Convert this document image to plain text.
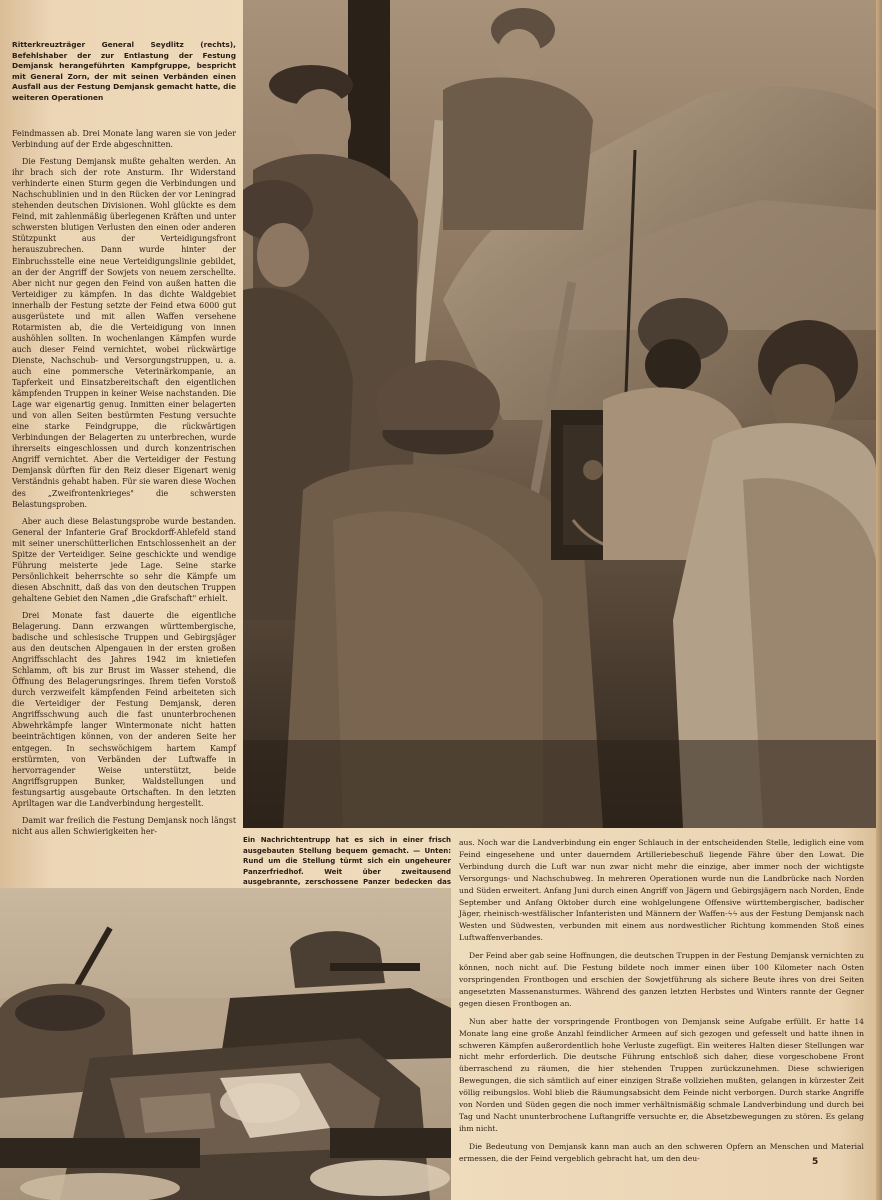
Ritterkreuzträger General Seydlitz (rechts), Befehlshaber der zur Entlastung der Festung Demjansk herangeführten Kampfgruppe, bespricht mit General Zorn, der mit seinen Verbänden einen Ausfall aus der Festung Demjansk gemacht hatte, die weiteren Operationen

Feindmassen ab. Drei Monate lang waren sie von jeder Verbindung auf der Erde abgeschnitten.

Die Festung Demjansk mußte gehalten werden. An ihr brach sich der rote Ansturm. Ihr Widerstand verhinderte einen Sturm gegen die Verbindungen und Nachschublinien und in den Rücken der vor Leningrad stehenden deutschen Divisionen. Wohl glückte es dem Feind, mit zahlenmäßig überlegenen Kräften und unter schwersten blutigen Verlusten den einen oder anderen Stützpunkt aus der Verteidigungsfront herauszubrechen. Dann wurde hinter der Einbruchsstelle eine neue Verteidigungslinie gebildet, an der der Angriff der Sowjets von neuem zerschellte. Aber nicht nur gegen den Feind von außen hatten die Verteidiger zu kämpfen. In das dichte Waldgebiet innerhalb der Festung setzte der Feind etwa 6000 gut ausgerüstete und mit allen Waffen versehene Rotarmisten ab, die die Verteidigung von innen aushöhlen sollten. In wochenlangen Kämpfen wurde auch dieser Feind vernichtet, wobei rückwärtige Dienste, Nachschub- und Versorgungstruppen, u. a. auch eine pommersche Veterinärkompanie, an Tapferkeit und Einsatzbereitschaft den eigentlichen kämpfenden Truppen in keiner Weise nachstanden. Die Lage war eigenartig genug. Inmitten einer belagerten und von allen Seiten bestürmten Festung versuchte eine starke Feindgruppe, die rückwärtigen Verbindungen der Belagerten zu unterbrechen, wurde ihrerseits eingeschlossen und durch konzentrischen Angriff vernichtet. Aber die Verteidiger der Festung Demjansk dürften für den Reiz dieser Eigenart wenig Verständnis gehabt haben. Für sie waren diese Wochen des „Zweifrontenkrieges" die schwersten Belastungsproben.

Aber auch diese Belastungsprobe wurde bestanden. General der Infanterie Graf Brockdorff-Ahlefeld stand mit seiner unerschütterlichen Entschlossenheit an der Spitze der Verteidiger. Seine geschickte und wendige Führung meisterte jede Lage. Seine starke Persönlichkeit beherrschte so sehr die Kämpfe um diesen Abschnitt, daß das von den deutschen Truppen gehaltene Gebiet den Namen „die Grafschaft" erhielt.

Drei Monate fast dauerte die eigentliche Belagerung. Dann erzwangen württembergische, badische und schlesische Truppen und Gebirgsjäger aus den deutschen Alpengauen in der ersten großen Angriffsschlacht des Jahres 1942 im knietiefen Schlamm, oft bis zur Brust im Wasser stehend, die Öffnung des Belagerungsringes. Ihrem tiefen Vorstoß durch verzweifelt kämpfenden Feind arbeiteten sich die Verteidiger der Festung Demjansk, deren Angriffsschwung auch die fast ununterbrochenen Abwehrkämpfe langer Wintermonate nicht hatten beeinträchtigen können, von der anderen Seite her entgegen. In sechswöchigem hartem Kampf erstürmten, von Verbänden der Luftwaffe in hervorragender Weise unterstützt, beide Angriffsgruppen Bunker, Waldstellungen und festungsartig ausgebaute Ortschaften. In den letzten Apriltagen war die Landverbindung hergestellt.

Damit war freilich die Festung Demjansk noch längst nicht aus allen Schwierigkeiten her-

Ein Nachrichtentrupp hat es sich in einer frisch ausgebauten Stellung bequem gemacht. — Unten: Rund um die Stellung türmt sich ein ungeheurer Panzerfriedhof. Weit über zweitausend ausgebrannte, zerschossene Panzer bedecken das

aus. Noch war die Landverbindung ein enger Schlauch in der entscheidenden Stelle, lediglich eine vom Feind eingesehene und unter dauerndem Artilleriebeschuß liegende Fähre über den Lowat. Die Verbindung durch die Luft war nun zwar nicht mehr die einzige, aber immer noch der wichtigste Versorgungs- und Nachschubweg. In mehreren Operationen wurde nun die Landbrücke nach Norden und Süden erweitert. Anfang Juni durch einen Angriff von Jägern und Gebirgsjägern nach Norden, Ende September und Anfang Oktober durch eine wohlgelungene Offensive württembergischer, badischer Jäger, rheinisch-westfälischer Infanteristen und Männern der Waffen-ϟϟ aus der Festung Demjansk nach Westen und Südwesten, verbunden mit einem aus nordwestlicher Richtung kommenden Stoß eines Luftwaffenverbandes.

Der Feind aber gab seine Hoffnungen, die deutschen Truppen in der Festung Demjansk vernichten zu können, noch nicht auf. Die Festung bildete noch immer einen über 100 Kilometer nach Osten vorspringenden Frontbogen und erschien der Sowjetführung als sichere Beute ihres von drei Seiten angesetzten Massenansturmes. Während des ganzen letzten Herbstes und Winters rannte der Gegner gegen diesen Frontbogen an.

Nun aber hatte der vorspringende Frontbogen von Demjansk seine Aufgabe erfüllt. Er hatte 14 Monate lang eine große Anzahl feindlicher Armeen auf sich gezogen und gefesselt und hatte ihnen in schweren Kämpfen außerordentlich hohe Verluste zugefügt. Ein weiteres Halten dieser Stellungen war nicht mehr erforderlich. Die deutsche Führung entschloß sich daher, diese vorgeschobene Front überraschend zu räumen, die hier stehenden Truppen zurückzunehmen. Diese schwierigen Bewegungen, die sich sämtlich auf einer einzigen Straße vollziehen mußten, gelangen in kürzester Zeit völlig reibungslos. Wohl blieb die Räumungsabsicht dem Feinde nicht verborgen. Durch starke Angriffe von Norden und Süden gegen die noch immer verhältnismäßig schmale Landverbindung und durch bei Tag und Nacht ununterbrochene Luftangriffe versuchte er, die Absetzbewegungen zu stören. Es gelang ihm nicht.

Die Bedeutung von Demjansk kann man auch an den schweren Opfern an Menschen und Material ermessen, die der Feind vergeblich gebracht hat, um den deu-	5
